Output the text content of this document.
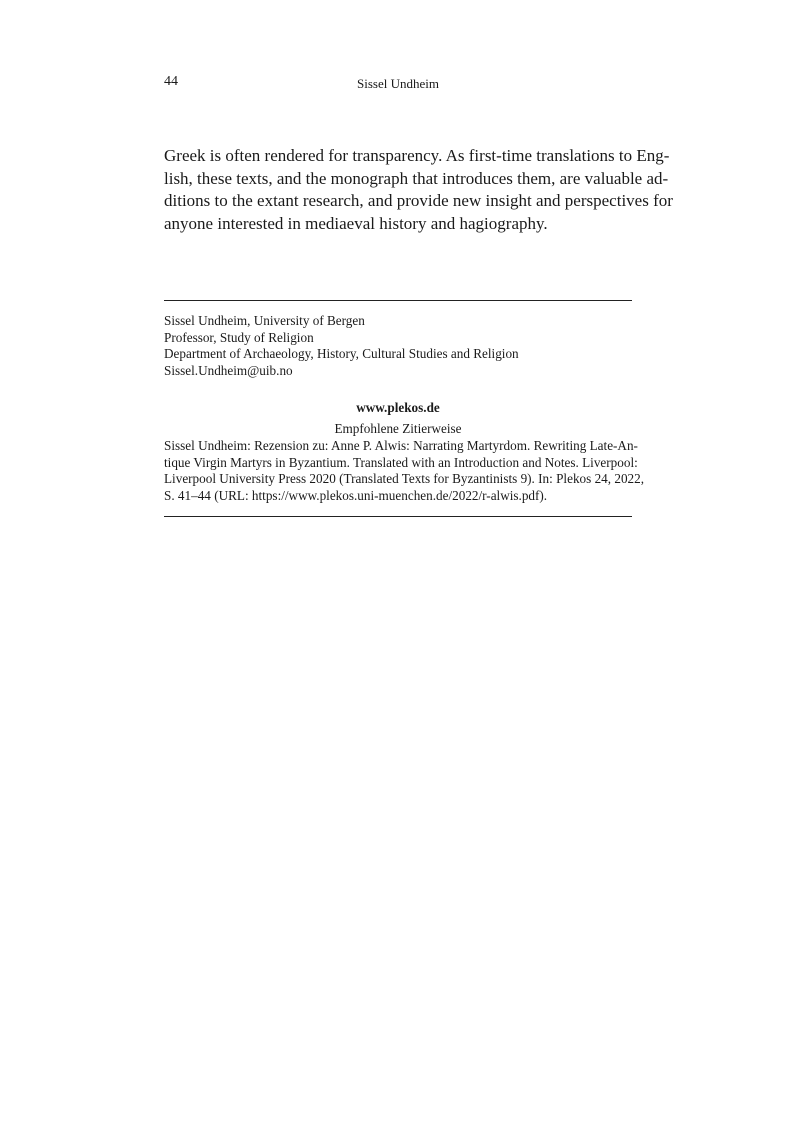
44	Sissel Undheim
Greek is often rendered for transparency. As first-time translations to Eng-
lish, these texts, and the monograph that introduces them, are valuable ad-
ditions to the extant research, and provide new insight and perspectives for
anyone interested in mediaeval history and hagiography.
Sissel Undheim, University of Bergen
Professor, Study of Religion
Department of Archaeology, History, Cultural Studies and Religion
Sissel.Undheim@uib.no
www.plekos.de
Empfohlene Zitierweise
Sissel Undheim: Rezension zu: Anne P. Alwis: Narrating Martyrdom. Rewriting Late-An-
tique Virgin Martyrs in Byzantium. Translated with an Introduction and Notes. Liverpool:
Liverpool University Press 2020 (Translated Texts for Byzantinists 9). In: Plekos 24, 2022,
S. 41–44 (URL: https://www.plekos.uni-muenchen.de/2022/r-alwis.pdf).
